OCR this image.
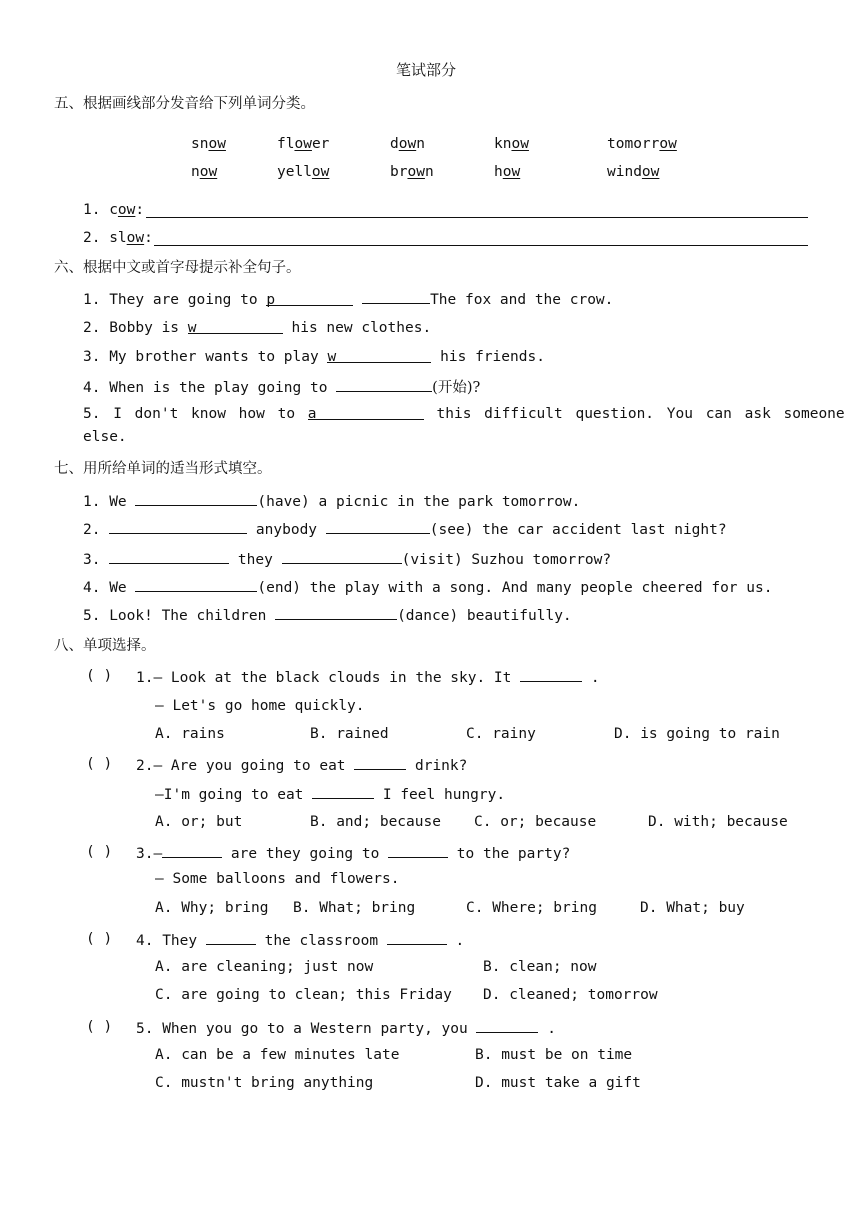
笔试部分
五、根据画线部分发音给下列单词分类。
snow	flower	down	know	tomorrow
now	yellow	brown	how	window
1. cow:
2. slow:
六、根据中文或首字母提示补全句子。
1. They are going to p	The fox and the crow.
2. Bobby is w	his new clothes.
3. My brother wants to play w	his friends.
4. When is the play going to	(开始)?
5. I don't know how to a	this difficult question. You can ask someone
else.
七、用所给单词的适当形式填空。
1. We	(have) a picnic in the park tomorrow.
2.	anybody	(see) the car accident last night?
3.	they	(visit) Suzhou tomorrow?
4. We	(end) the play with a song. And many people cheered for us.
5. Look! The children	(dance) beautifully.
八、单项选择。
( ) 1.— Look at the black clouds in the sky. It	.
— Let's go home quickly.
A. rains	B. rained	C. rainy	D. is going to rain
( ) 2.— Are you going to eat	drink?
—I'm going to eat	I feel hungry.
A. or; but	B. and; because C. or; because	D. with; because
( ) 3.—	are they going to	to the party?
— Some balloons and flowers.
A. Why; bring B. What; bring	C. Where; bring	D. What; buy
( ) 4. They	the classroom	.
A. are cleaning; just now	B. clean; now
C. are going to clean; this Friday D. cleaned; tomorrow
( ) 5. When you go to a Western party, you	.
A. can be a few minutes late	B. must be on time
C. mustn't bring anything	D. must take a gift
